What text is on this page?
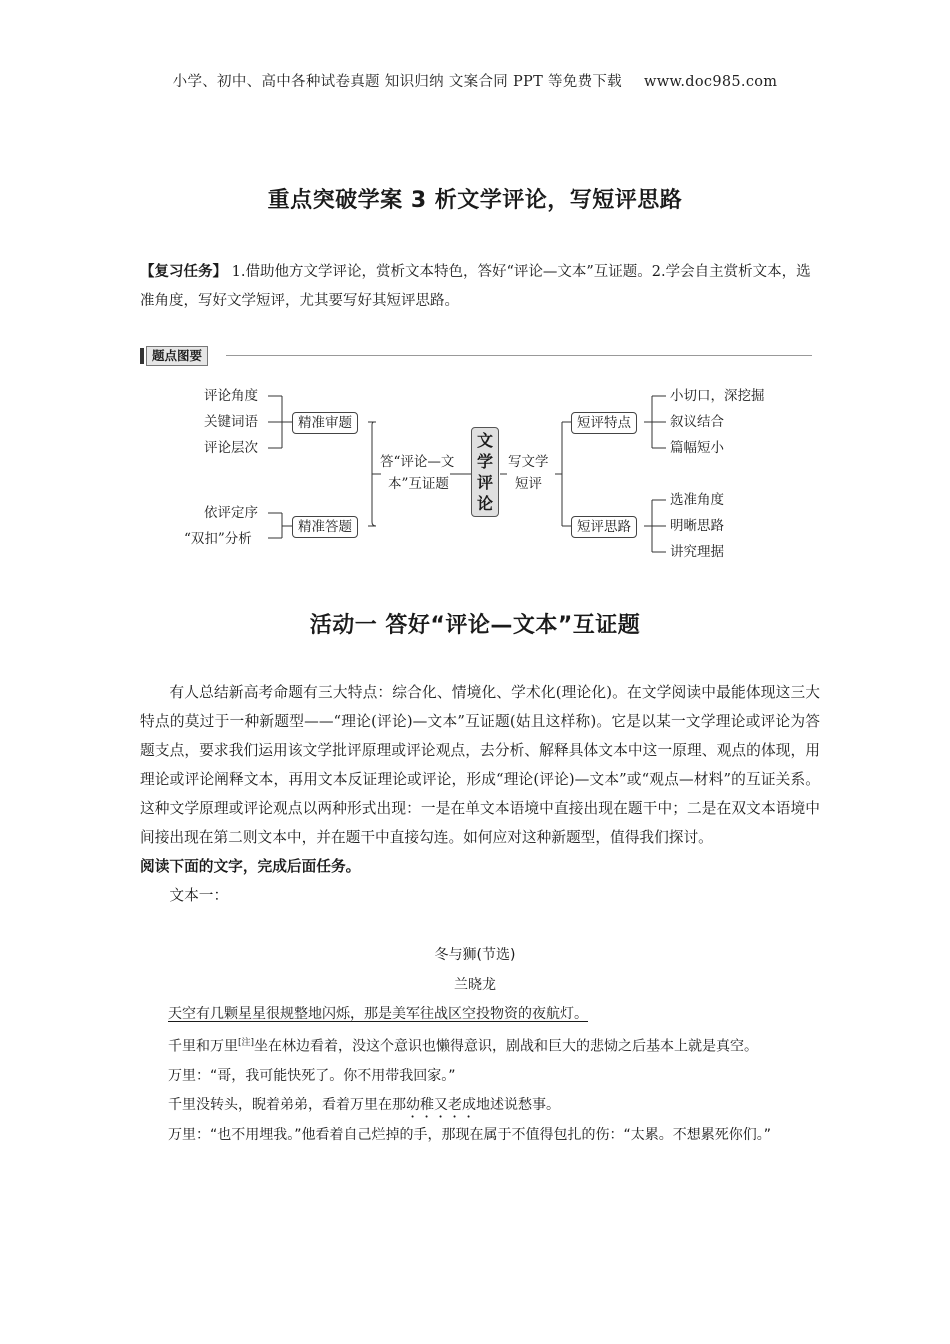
小学、初中、高中各种试卷真题 知识归纳 文案合同 PPT 等免费下载 www.doc985.com
重点突破学案 3 析文学评论，写短评思路
【复习任务】 1.借助他方文学评论，赏析文本特色，答好“评论—文本”互证题。2.学会自主赏析文本，选准角度，写好文学短评，尤其要写好其短评思路。
题点图要
评论角度
关键词语
评论层次
精准审题
依评定序
“双扣”分析
精准答题
答“评论—文
本”互证题
文
学
评
论
写文学
短评
短评特点
小切口，深挖掘
叙议结合
篇幅短小
短评思路
选准角度
明晰思路
讲究理据
活动一 答好“评论—文本”互证题

有人总结新高考命题有三大特点：综合化、情境化、学术化(理论化)。在文学阅读中最能体现这三大特点的莫过于一种新题型——“理论(评论)—文本”互证题(姑且这样称)。它是以某一文学理论或评论为答题支点，要求我们运用该文学批评原理或评论观点，去分析、解释具体文本中这一原理、观点的体现，用理论或评论阐释文本，再用文本反证理论或评论，形成“理论(评论)—文本”或“观点—材料”的互证关系。这种文学原理或评论观点以两种形式出现：一是在单文本语境中直接出现在题干中；二是在双文本语境中间接出现在第二则文本中，并在题干中直接勾连。如何应对这种新题型，值得我们探讨。

阅读下面的文字，完成后面任务。

文本一：

冬与狮(节选)
兰晓龙

天空有几颗星星很规整地闪烁，那是美军往战区空投物资的夜航灯。

千里和万里[注]坐在林边看着，没这个意识也懒得意识，剧战和巨大的悲恸之后基本上就是真空。

万里：“哥，我可能快死了。你不用带我回家。”

千里没转头，睨着弟弟，看着万里在那幼稚又老成地述说愁事。

万里：“也不用埋我。”他看着自己烂掉的手，那现在属于不值得包扎的伤：“太累。不想累死你们。”
